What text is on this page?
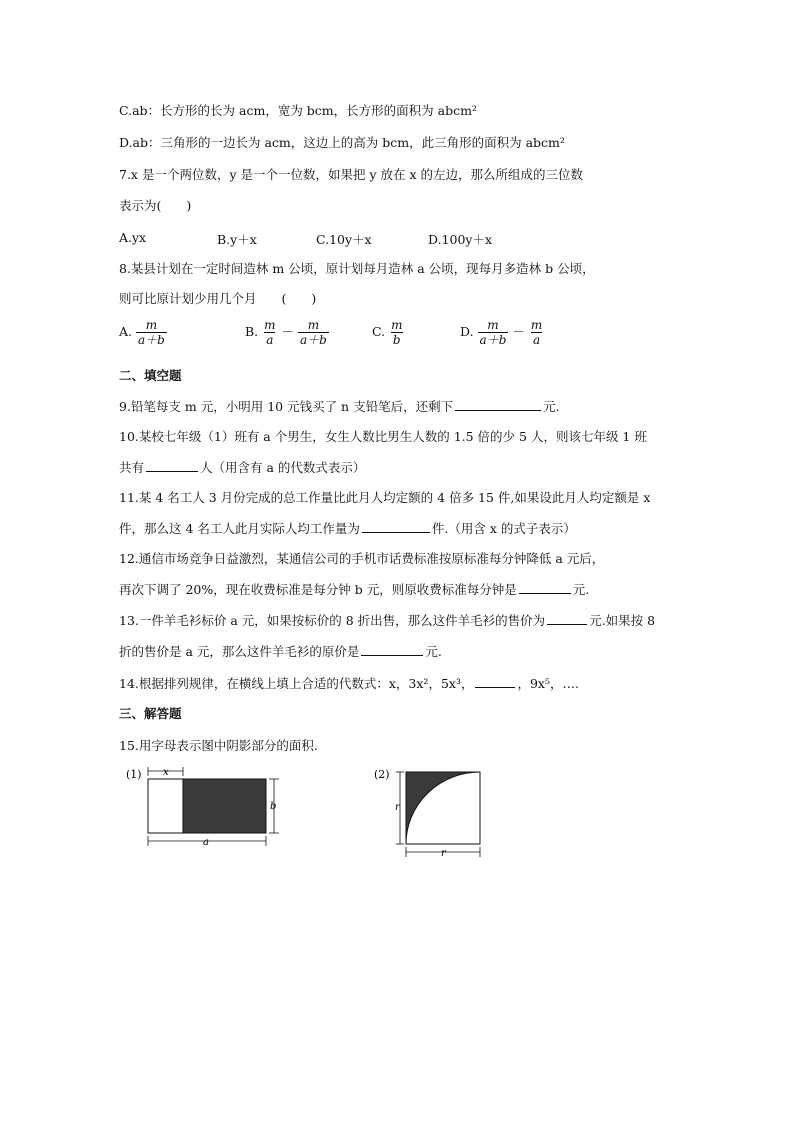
C.ab：长方形的长为 acm，宽为 bcm，长方形的面积为 abcm²
D.ab：三角形的一边长为 acm，这边上的高为 bcm，此三角形的面积为 abcm²
7.x 是一个两位数，y 是一个一位数，如果把 y 放在 x 的左边，那么所组成的三位数
表示为(　　)
A.yx	B.y＋x	C.10y＋x	D.100y＋x
8.某县计划在一定时间造林 m 公顷，原计划每月造林 a 公顷，现每月多造林 b 公顷，
则可比原计划少用几个月　　(　　)
A. $\frac{m}{a+b}$	B. $\frac{m}{a} - \frac{m}{a+b}$	C. $\frac{m}{b}$	D. $\frac{m}{a+b} - \frac{m}{a}$
二、填空题
9.铅笔每支 m 元，小明用 10 元钱买了 n 支铅笔后，还剩下	元.
10.某校七年级（1）班有 a 个男生，女生人数比男生人数的 1.5 倍的少 5 人，则该七年级 1 班
共有	人（用含有 a 的代数式表示）
11.某 4 名工人 3 月份完成的总工作量比此月人均定额的 4 倍多 15 件,如果设此月人均定额是 x
件，那么这 4 名工人此月实际人均工作量为	件.（用含 x 的式子表示）
12.通信市场竞争日益激烈，某通信公司的手机市话费标准按原标准每分钟降低 a 元后，
再次下调了 20%，现在收费标准是每分钟 b 元，则原收费标准每分钟是	元.
13.一件羊毛衫标价 a 元，如果按标价的 8 折出售，那么这件羊毛衫的售价为	元.如果按 8
折的售价是 a 元，那么这件羊毛衫的原价是	元.
14.根据排列规律，在横线上填上合适的代数式：x，3x²，5x³，	，9x⁵，….
三、解答题
15.用字母表示图中阴影部分的面积.
(1) x
b
a
(2)
r
r
